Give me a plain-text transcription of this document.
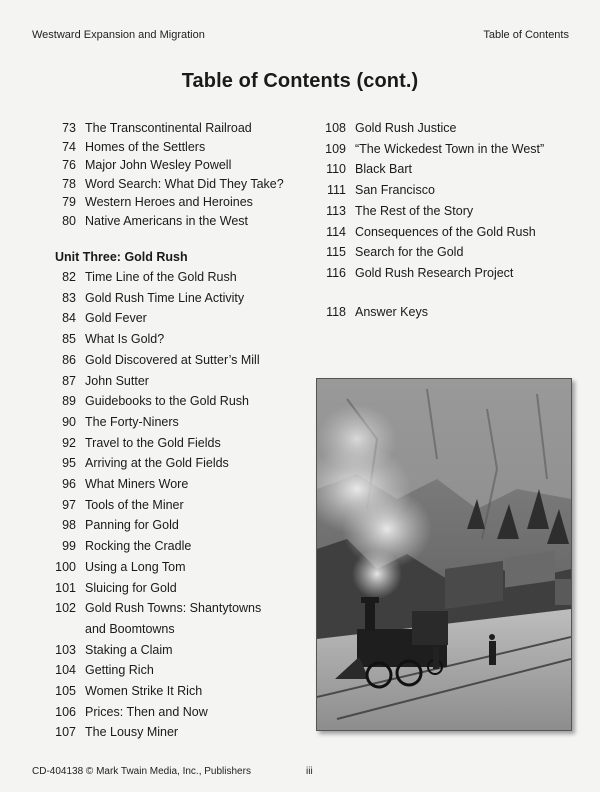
Westward Expansion and Migration	Table of Contents
Table of Contents (cont.)
73 The Transcontinental Railroad
74 Homes of the Settlers
76 Major John Wesley Powell
78 Word Search: What Did They Take?
79 Western Heroes and Heroines
80 Native Americans in the West
82 Time Line of the Gold Rush
83 Gold Rush Time Line Activity
84 Gold Fever
85 What Is Gold?
86 Gold Discovered at Sutter’s Mill
87 John Sutter
89 Guidebooks to the Gold Rush
90 The Forty-Niners
92 Travel to the Gold Fields
95 Arriving at the Gold Fields
96 What Miners Wore
97 Tools of the Miner
98 Panning for Gold
99 Rocking the Cradle
100 Using a Long Tom
101 Sluicing for Gold
102 Gold Rush Towns: Shantytowns
and Boomtowns
103 Staking a Claim
104 Getting Rich
105 Women Strike It Rich
106 Prices: Then and Now
107 The Lousy Miner
Unit Three: Gold Rush
108 Gold Rush Justice
109 “The Wickedest Town in the West”
110 Black Bart
111 San Francisco
113 The Rest of the Story
114 Consequences of the Gold Rush
115 Search for the Gold
116 Gold Rush Research Project
118 Answer Keys
CD-404138 © Mark Twain Media, Inc., Publishers	iii
